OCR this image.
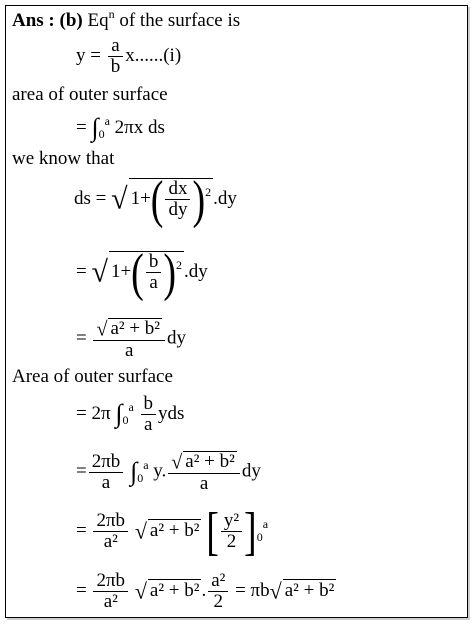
Ans : (b) Eq$^n$ of the surface is
$y = \frac{a}{b} x......(i)$
area of outer surface
= $\int_0^a$ 2πx ds
we know that
ds = √ $1+( \frac{dx}{dy} )^2$ .dy
= √ $1+( \frac{b}{a} )^2$ .dy
= $\frac{\text{√ a² + b²}}{a}$ dy
Area of outer surface
= 2π $\int_0^a \frac{b}{a}$ yds
= $\frac{2\pi b}{a} \int_0^a$ y. $\frac{\text{√ a² + b²}}{a}$ dy
= $\frac{2\pi b}{\text{a²}}$ √ a² + b² [ $\frac{\text{y²}}{2} ]_0^a$
= $\frac{2\pi b}{\text{a²}}$ √ a² + b² . $\frac{\text{a²}}{2} = \pi b√$ a² + b²
